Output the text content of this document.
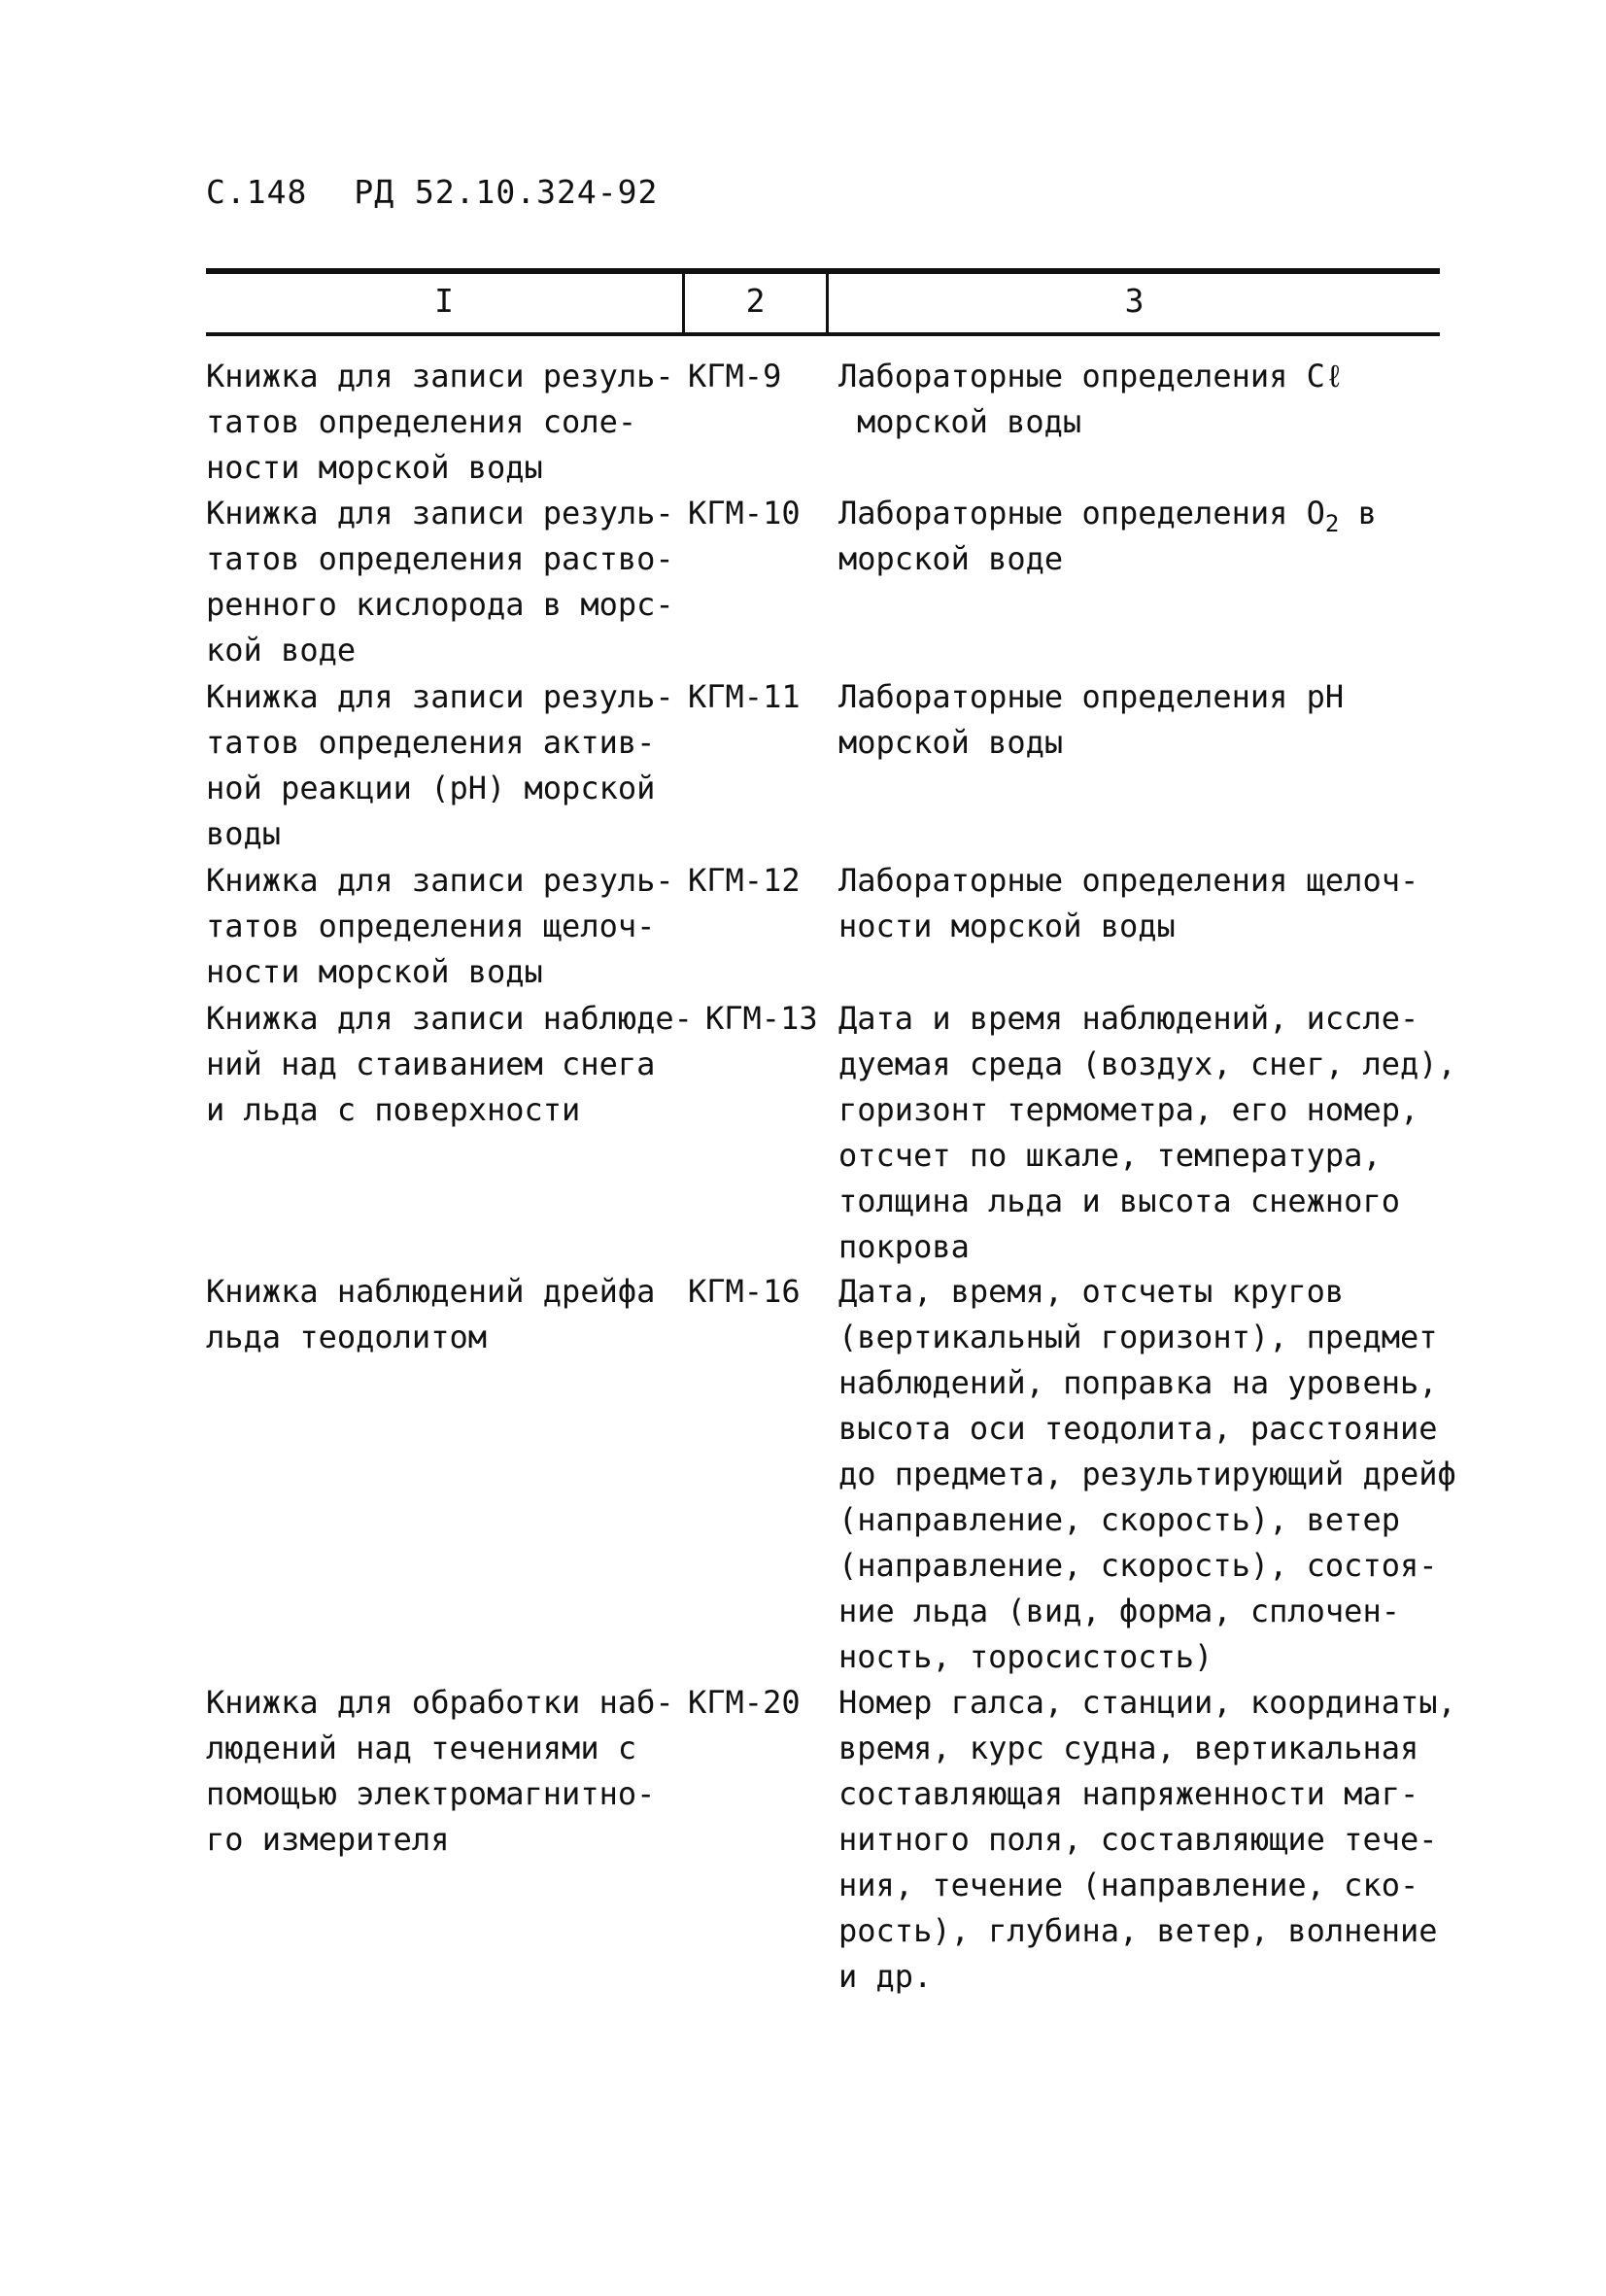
С.148 РД 52.10.324-92
I	2	3
Книжка для записи резуль-
татов определения соле-
ности морской воды
КГМ-9 Лабораторные определения Cℓ
морской воды
Книжка для записи резуль-
татов определения раство-
ренного кислорода в морс-
кой воде
КГМ-10 Лабораторные определения $O_2$ в
морской воде
Книжка для записи резуль-
татов определения актив-
ной реакции (pH) морской
воды
КГМ-11 Лабораторные определения pH
морской воды
Книжка для записи резуль-
татов определения щелоч-
ности морской воды
КГМ-12 Лабораторные определения щелоч-
ности морской воды
Книжка для записи наблюде-
ний над стаиванием снега
и льда с поверхности
КГМ-13 Дата и время наблюдений, иссле-
дуемая среда (воздух, снег, лед),
горизонт термометра, его номер,
отсчет по шкале, температура,
толщина льда и высота снежного
покрова
Книжка наблюдений дрейфа
льда теодолитом
КГМ-16 Дата, время, отсчеты кругов
(вертикальный горизонт), предмет
наблюдений, поправка на уровень,
высота оси теодолита, расстояние
до предмета, результирующий дрейф
(направление, скорость), ветер
(направление, скорость), состоя-
ние льда (вид, форма, сплочен-
ность, торосистость)
Книжка для обработки наб-
людений над течениями с
помощью электромагнитно-
го измерителя
КГМ-20 Номер галса, станции, координаты,
время, курс судна, вертикальная
составляющая напряженности маг-
нитного поля, составляющие тече-
ния, течение (направление, ско-
рость), глубина, ветер, волнение
и др.
